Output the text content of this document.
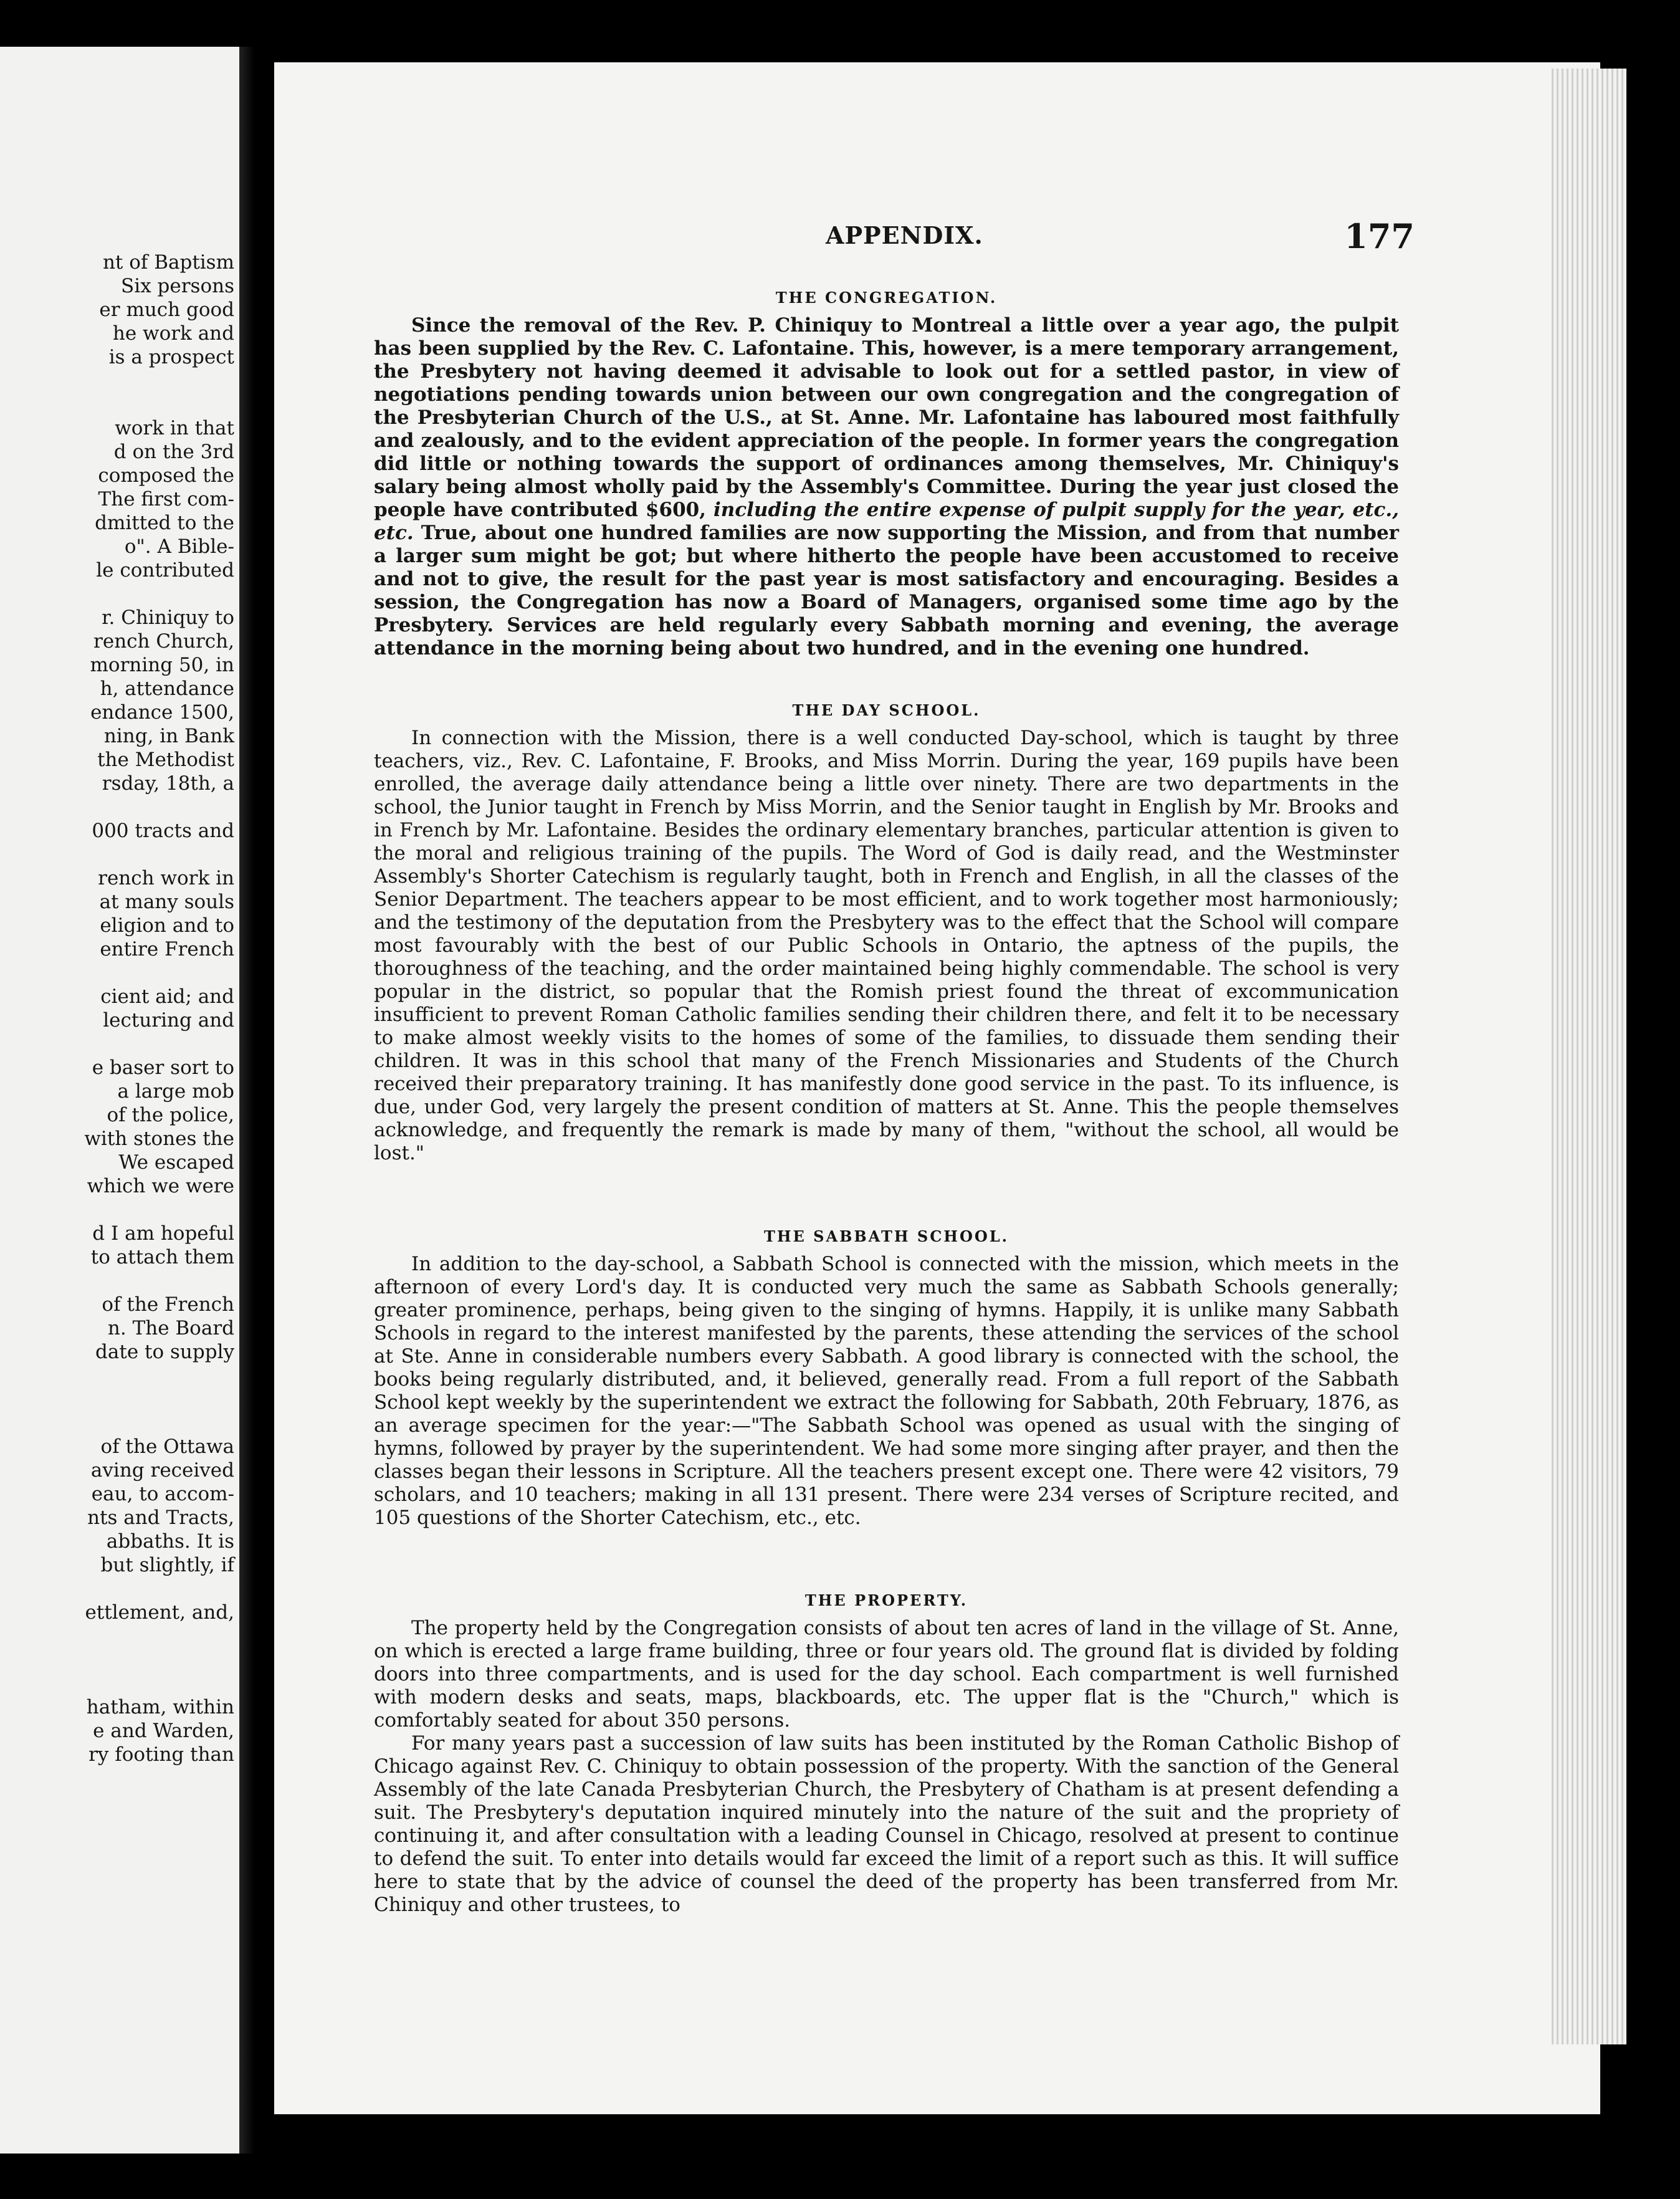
nt of Baptism
Six persons
er much good
he work and
is a prospect
work in that
d on the 3rd
composed the
The first com-
dmitted to the
o". A Bible-
le contributed
r. Chiniquy to
rench Church,
morning 50, in
h, attendance
endance 1500,
ning, in Bank
the Methodist
rsday, 18th, a
000 tracts and
rench work in
at many souls
eligion and to
entire French
cient aid; and
lecturing and
e baser sort to
a large mob
of the police,
with stones the
We escaped
which we were
d I am hopeful
to attach them
of the French
n. The Board
date to supply
of the Ottawa
aving received
eau, to accom-
nts and Tracts,
abbaths. It is
but slightly, if
ettlement, and,
hatham, within
e and Warden,
ry footing than
APPENDIX.	177
THE CONGREGATION.

Since the removal of the Rev. P. Chiniquy to Montreal a little over a year ago, the pulpit has been supplied by the Rev. C. Lafontaine. This, however, is a mere temporary arrangement, the Presbytery not having deemed it advisable to look out for a settled pastor, in view of negotiations pending towards union between our own congregation and the congregation of the Presbyterian Church of the U.S., at St. Anne. Mr. Lafontaine has laboured most faithfully and zealously, and to the evident appreciation of the people. In former years the congregation did little or nothing towards the support of ordinances among themselves, Mr. Chiniquy's salary being almost wholly paid by the Assembly's Committee. During the year just closed the people have contributed $600, including the entire expense of pulpit supply for the year, etc., etc. True, about one hundred families are now supporting the Mission, and from that number a larger sum might be got; but where hitherto the people have been accustomed to receive and not to give, the result for the past year is most satisfactory and encouraging. Besides a session, the Congregation has now a Board of Managers, organised some time ago by the Presbytery. Services are held regularly every Sabbath morning and evening, the average attendance in the morning being about two hundred, and in the evening one hundred.

THE DAY SCHOOL.

In connection with the Mission, there is a well conducted Day-school, which is taught by three teachers, viz., Rev. C. Lafontaine, F. Brooks, and Miss Morrin. During the year, 169 pupils have been enrolled, the average daily attendance being a little over ninety. There are two departments in the school, the Junior taught in French by Miss Morrin, and the Senior taught in English by Mr. Brooks and in French by Mr. Lafontaine. Besides the ordinary elementary branches, particular attention is given to the moral and religious training of the pupils. The Word of God is daily read, and the Westminster Assembly's Shorter Catechism is regularly taught, both in French and English, in all the classes of the Senior Department. The teachers appear to be most efficient, and to work together most harmoniously; and the testimony of the deputation from the Presbytery was to the effect that the School will compare most favourably with the best of our Public Schools in Ontario, the aptness of the pupils, the thoroughness of the teaching, and the order maintained being highly commendable. The school is very popular in the district, so popular that the Romish priest found the threat of excommunication insufficient to prevent Roman Catholic families sending their children there, and felt it to be necessary to make almost weekly visits to the homes of some of the families, to dissuade them sending their children. It was in this school that many of the French Missionaries and Students of the Church received their preparatory training. It has manifestly done good service in the past. To its influence, is due, under God, very largely the present condition of matters at St. Anne. This the people themselves acknowledge, and frequently the remark is made by many of them, "without the school, all would be lost."

THE SABBATH SCHOOL.

In addition to the day-school, a Sabbath School is connected with the mission, which meets in the afternoon of every Lord's day. It is conducted very much the same as Sabbath Schools generally; greater prominence, perhaps, being given to the singing of hymns. Happily, it is unlike many Sabbath Schools in regard to the interest manifested by the parents, these attending the services of the school at Ste. Anne in considerable numbers every Sabbath. A good library is connected with the school, the books being regularly distributed, and, it believed, generally read. From a full report of the Sabbath School kept weekly by the superintendent we extract the following for Sabbath, 20th February, 1876, as an average specimen for the year:—"The Sabbath School was opened as usual with the singing of hymns, followed by prayer by the superintendent. We had some more singing after prayer, and then the classes began their lessons in Scripture. All the teachers present except one. There were 42 visitors, 79 scholars, and 10 teachers; making in all 131 present. There were 234 verses of Scripture recited, and 105 questions of the Shorter Catechism, etc., etc.

THE PROPERTY.

The property held by the Congregation consists of about ten acres of land in the village of St. Anne, on which is erected a large frame building, three or four years old. The ground flat is divided by folding doors into three compartments, and is used for the day school. Each compartment is well furnished with modern desks and seats, maps, blackboards, etc. The upper flat is the "Church," which is comfortably seated for about 350 persons.

For many years past a succession of law suits has been instituted by the Roman Catholic Bishop of Chicago against Rev. C. Chiniquy to obtain possession of the property. With the sanction of the General Assembly of the late Canada Presbyterian Church, the Presbytery of Chatham is at present defending a suit. The Presbytery's deputation inquired minutely into the nature of the suit and the propriety of continuing it, and after consultation with a leading Counsel in Chicago, resolved at present to continue to defend the suit. To enter into details would far exceed the limit of a report such as this. It will suffice here to state that by the advice of counsel the deed of the property has been transferred from Mr. Chiniquy and other trustees, to
